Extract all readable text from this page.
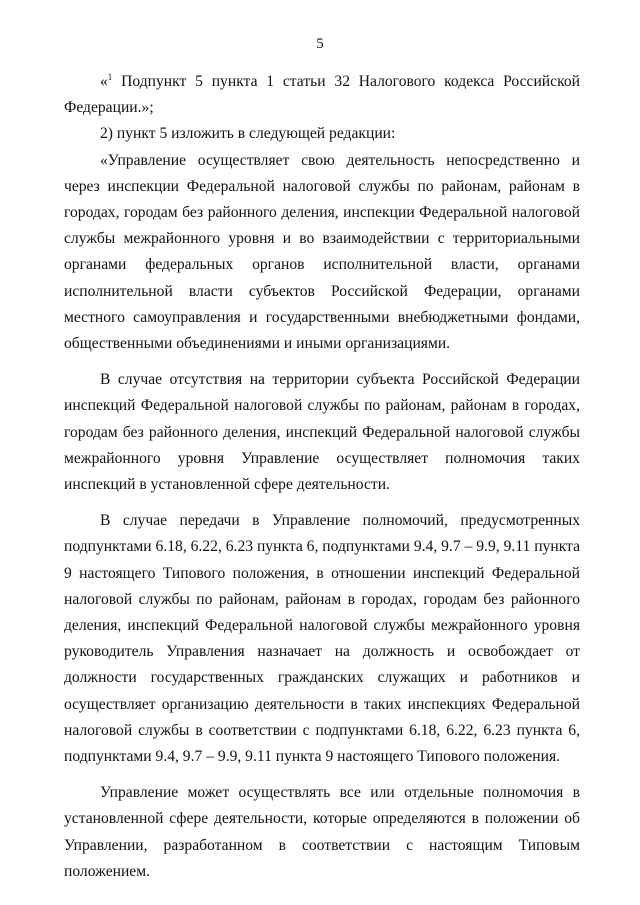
5

«$^1$ Подпункт 5 пункта 1 статьи 32 Налогового кодекса Российской Федерации.»;

2) пункт 5 изложить в следующей редакции:

«Управление осуществляет свою деятельность непосредственно и через инспекции Федеральной налоговой службы по районам, районам в городах, городам без районного деления, инспекции Федеральной налоговой службы межрайонного уровня и во взаимодействии с территориальными органами федеральных органов исполнительной власти, органами исполнительной власти субъектов Российской Федерации, органами местного самоуправления и государственными внебюджетными фондами, общественными объединениями и иными организациями.

В случае отсутствия на территории субъекта Российской Федерации инспекций Федеральной налоговой службы по районам, районам в городах, городам без районного деления, инспекций Федеральной налоговой службы межрайонного уровня Управление осуществляет полномочия таких инспекций в установленной сфере деятельности.

В случае передачи в Управление полномочий, предусмотренных подпунктами 6.18, 6.22, 6.23 пункта 6, подпунктами 9.4, 9.7 – 9.9, 9.11 пункта 9 настоящего Типового положения, в отношении инспекций Федеральной налоговой службы по районам, районам в городах, городам без районного деления, инспекций Федеральной налоговой службы межрайонного уровня руководитель Управления назначает на должность и освобождает от должности государственных гражданских служащих и работников и осуществляет организацию деятельности в таких инспекциях Федеральной налоговой службы в соответствии с подпунктами 6.18, 6.22, 6.23 пункта 6, подпунктами 9.4, 9.7 – 9.9, 9.11 пункта 9 настоящего Типового положения.

Управление может осуществлять все или отдельные полномочия в установленной сфере деятельности, которые определяются в положении об Управлении, разработанном в соответствии с настоящим Типовым положением.
